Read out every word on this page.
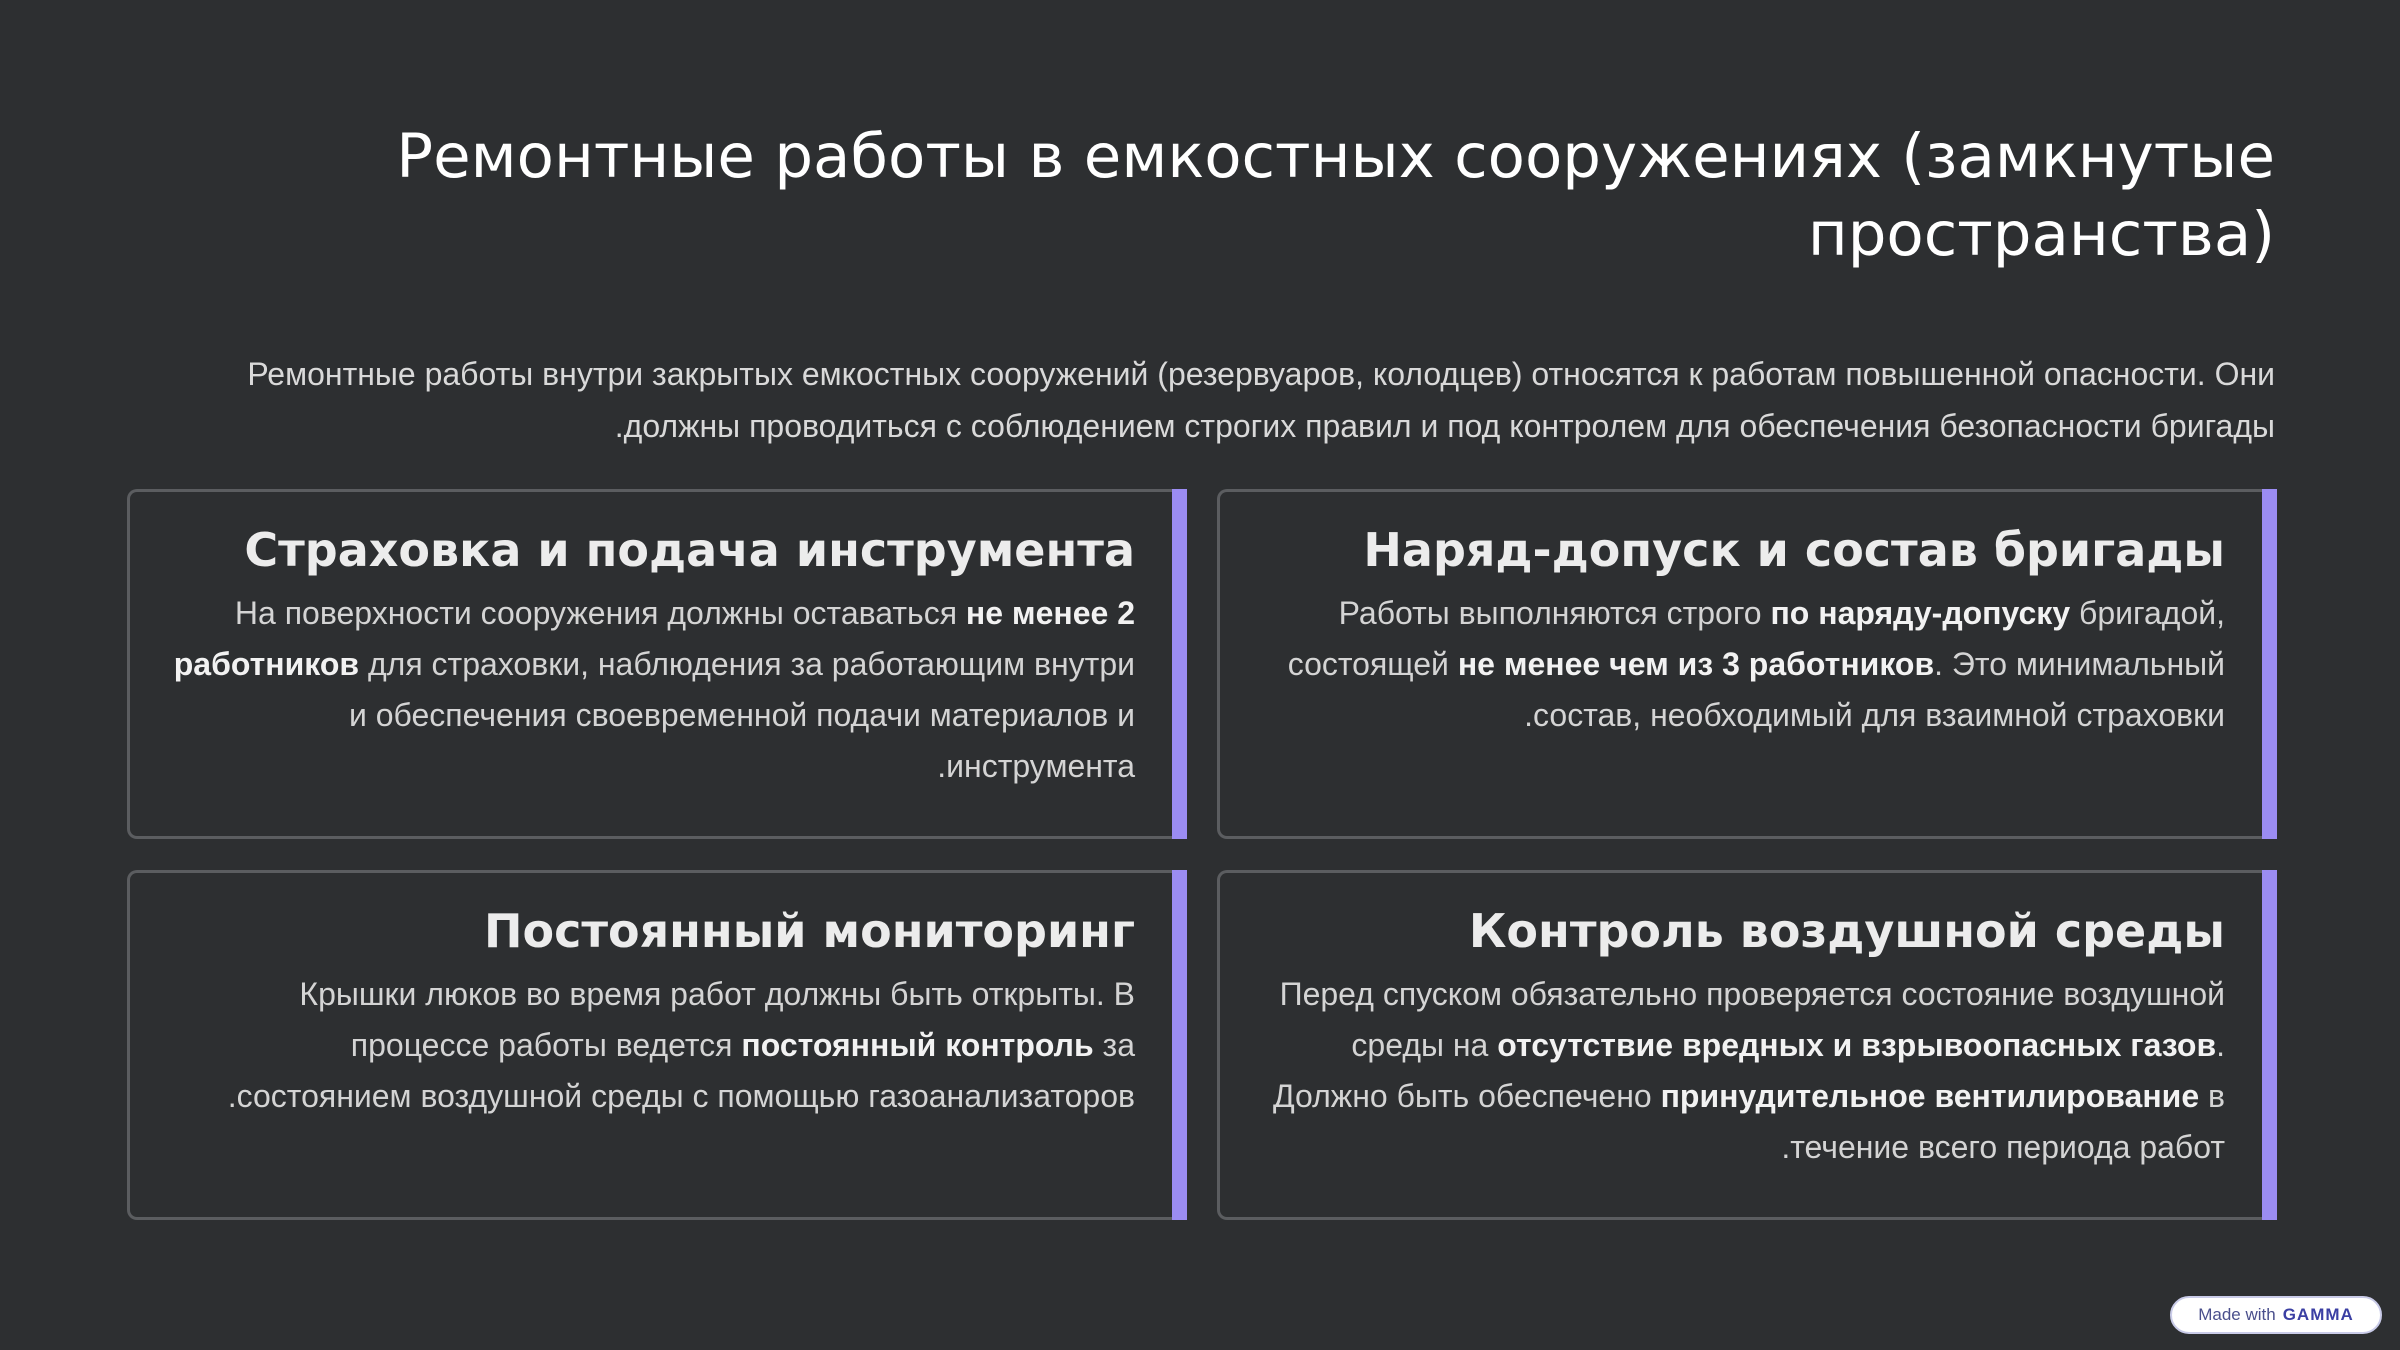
Ремонтные работы в емкостных сооружениях (замкнутые пространства)

Ремонтные работы внутри закрытых емкостных сооружений (резервуаров, колодцев) относятся к работам повышенной опасности. Они должны проводиться с соблюдением строгих правил и под контролем для обеспечения безопасности бригады.

Страховка и подача инструмента

На поверхности сооружения должны оставаться не менее 2 работников для страховки, наблюдения за работающим внутри и обеспечения своевременной подачи материалов и инструмента.

Наряд-допуск и состав бригады

Работы выполняются строго по наряду-допуску бригадой, состоящей не менее чем из 3 работников. Это минимальный состав, необходимый для взаимной страховки.

Постоянный мониторинг

Крышки люков во время работ должны быть открыты. В процессе работы ведется постоянный контроль за состоянием воздушной среды с помощью газоанализаторов.

Контроль воздушной среды

Перед спуском обязательно проверяется состояние воздушной среды на отсутствие вредных и взрывоопасных газов. Должно быть обеспечено принудительное вентилирование в течение всего периода работ.

Made with GAMMA
